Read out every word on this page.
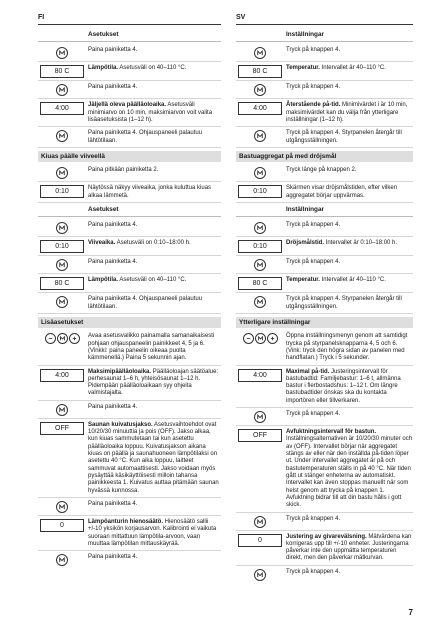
FI	SV
Asetukset
Paina painiketta 4.
80 C	Lämpötila. Asetusväli on 40–110 °C.
Paina painiketta 4.
4:00	Jäljellä oleva päälläoloaika. Asetusväli minimiarvo on 10 min, maksimiarvon voit valita lisäasetuksista (1–12 h).
Paina painiketta 4. Ohjauspaneeli palautuu lähtötilaan.
Kiuas päälle viiveellä
Paina pitkään painiketta 2.
0:10	Näytössä näkyy viiveaika, jonka kuluttua kiuas alkaa lämmetä.
Asetukset
Paina painiketta 4.
0:10	Viiveaika. Asetusväli on 0:10–18:00 h.
Paina painiketta 4.
80 C	Lämpötila. Asetusväli on 40–110 °C.
Paina painiketta 4. Ohjauspaneeli palautuu lähtötilaan.
Lisäasetukset
Avaa asetusvalikko painamalla samanaikaisesti pohjaan ohjauspaneelin painikkeet 4, 5 ja 6. (Vinkki: paina paneelin oikeaa puolta kämmenellä.) Paina 5 sekunnin ajan.
4:00	Maksimipäälläoloaika. Päälläoloajan säätöalue: perhesaunat 1–6 h, yhteisösaunat 1–12 h. Pidempään päälläoloaikaan syy ohjeita valmistajalta.
Paina painiketta 4.
OFF	Saunan kuivatusjakso. Asetusvaihtoehdot ovat 10/20/30 minuuttia ja pois (OFF). Jakso alkaa, kun kiuas sammutetaan tai kun asetettu päälläoloaika loppuu. Kuivatusjakson aikana kiuas on päällä ja saunahuoneen lämpötilaksi on asetettu 40 °C. Kun aika loppuu, laitteet sammuvat automaattisesti. Jakso voidaan myös pysäyttää käsikäyttöisesti milloin tahansa painikkeesta 1. Kuivatus auttaa pitämään saunan hyvässä kunnossa.
Paina painiketta 4.
0	Lämpöanturin hienosäätö. Hienosäätö sallii +/-10 yksikön korjausarvon. Kalibrointi ei vaikuta suoraan mittattuun lämpötila-arvoon, vaan muuttaa lämpötilan mittauskäyrää.
Paina painiketta 4.
Inställningar
Tryck på knappen 4.
80 C	Temperatur. Intervallet är 40–110 °C.
Tryck på knappen 4.
4:00	Återstående på-tid. Minimivärdet i är 10 min, maksimivärdet kan du välja från ytterligare inställningar (1–12 h).
Tryck på knappen 4. Styrpanelen återgår till utgångsställningen.
Bastuaggregat på med dröjsmål
Tryck länge på knappen 2.
0:10	Skärmen visar dröjsmålstiden, efter vilken aggregatet börjar uppvärmas.
Inställningar
Tryck på knappen 4.
0:10	Dröjsmålstid. Intervallet är 0:10–18:00 h.
Tryck på knappen 4.
80 C	Temperatur. Intervallet är 40–110 °C.
Tryck på knappen 4. Styrpanelen återgår till utgångsställningen.
Ytterligare inställningar
Öppna inställningsmenyn genom att samtidigt trycka på styrpanelsknapparna 4, 5 och 6. (Vink: tryck den högra sidan av panelen med handflatan.) Tryck i 5 sekunder.
4:00	Maximal på-tid. Justeringsintervall för bastubadtid: Familjebastur: 1–6 t, allmänna bastur i flerbostadshus: 1–12 t. Om längre bastubadtider önskas ska du kontakta importören eller tillverkaren.
Tryck på knappen 4.
OFF	Avfuktningsintervall för bastun. Inställningsalternativen är 10/20/30 minuter och av (OFF). Intervallet börjar när aggregatet stängs av eller när den inställda på-tiden löper ut. Under intervallet aggregatet är på och bastutemperaturen ställs in på 40 °C. När tiden gått ut stänger enheterna av automatiskt. Intervallet kan även stoppas manuellt när som helst genom att trycka på knappen 1. Avfuktning bidrar till att din bastu hålls i gott skick.
Tryck på knappen 4.
0	Justering av givarevälsning. Mätvärdena kan korrigeras upp till +/-10 enheter. Justeringarna påverkar inte den uppmätta temperaturen direkt, men den påverkar mätkurvan.
Tryck på knappen 4.
7
